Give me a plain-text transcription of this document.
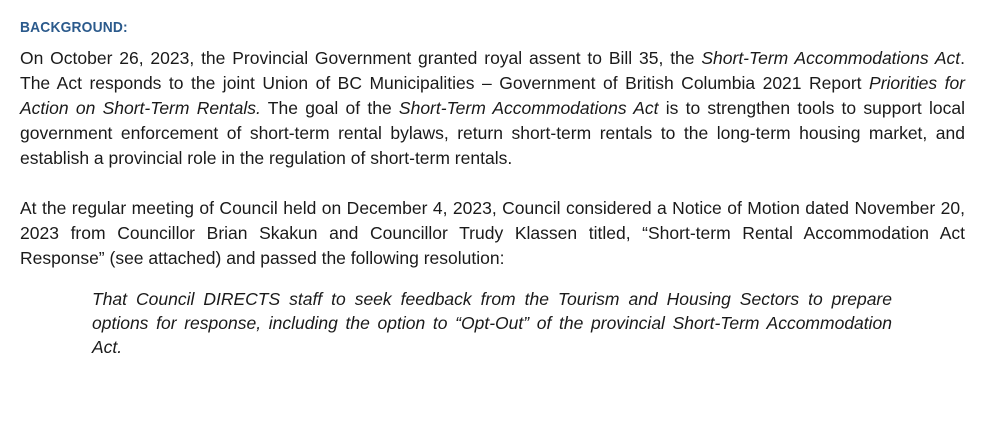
BACKGROUND:

On October 26, 2023, the Provincial Government granted royal assent to Bill 35, the Short-Term Accommodations Act. The Act responds to the joint Union of BC Municipalities – Government of British Columbia 2021 Report Priorities for Action on Short-Term Rentals. The goal of the Short-Term Accommodations Act is to strengthen tools to support local government enforcement of short-term rental bylaws, return short-term rentals to the long-term housing market, and establish a provincial role in the regulation of short-term rentals.

At the regular meeting of Council held on December 4, 2023, Council considered a Notice of Motion dated November 20, 2023 from Councillor Brian Skakun and Councillor Trudy Klassen titled, “Short-term Rental Accommodation Act Response” (see attached) and passed the following resolution:

That Council DIRECTS staff to seek feedback from the Tourism and Housing Sectors to prepare options for response, including the option to “Opt-Out” of the provincial Short-Term Accommodation Act.
